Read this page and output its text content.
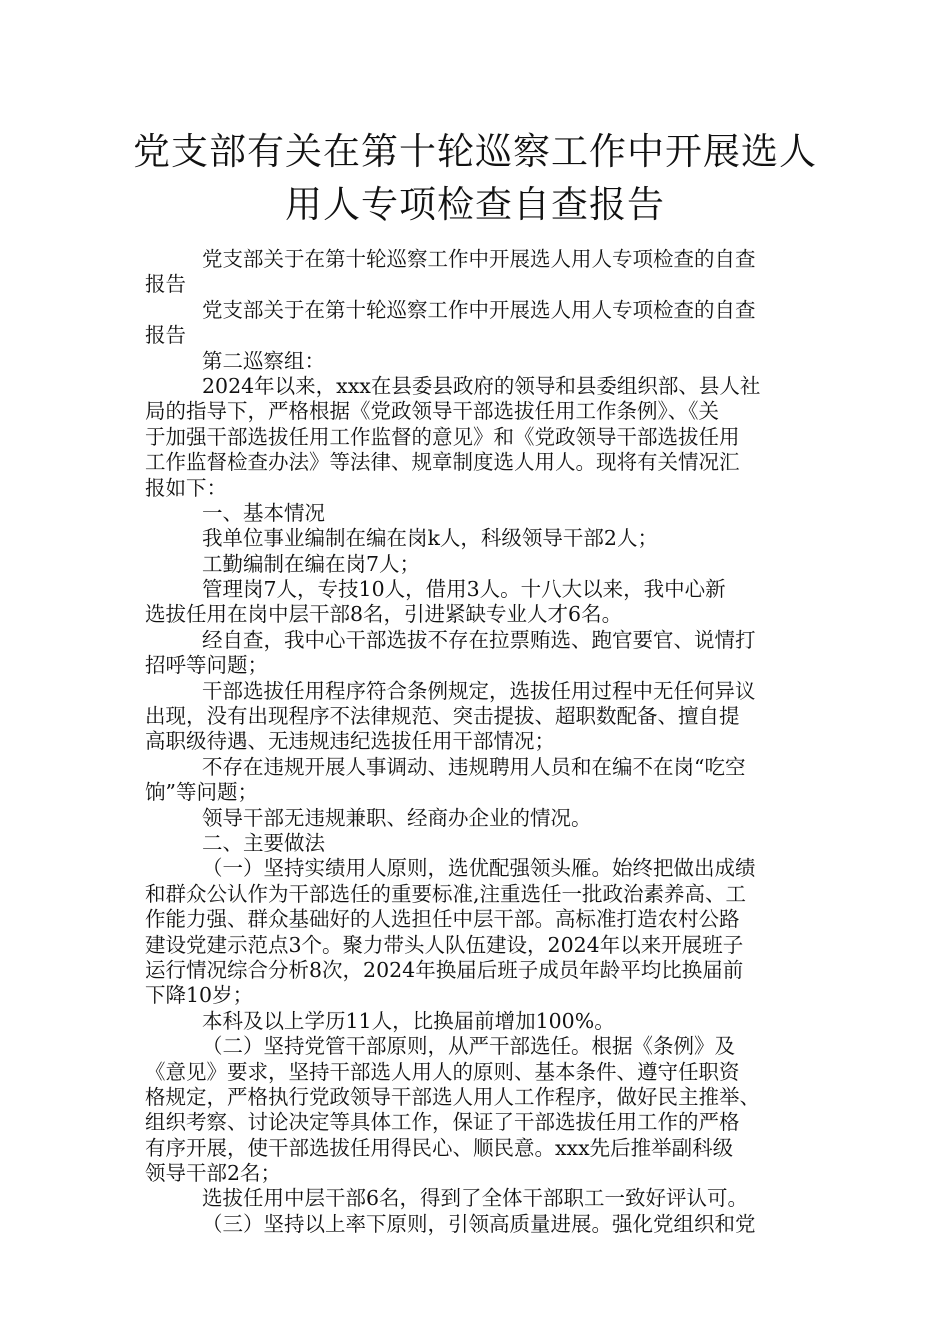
党支部有关在第十轮巡察工作中开展选人
用人专项检查自查报告
党支部关于在第十轮巡察工作中开展选人用人专项检查的自查
报告
党支部关于在第十轮巡察工作中开展选人用人专项检查的自查
报告
第二巡察组：
2024年以来，xxx在县委县政府的领导和县委组织部、县人社
局的指导下，严格根据《党政领导干部选拔任用工作条例》、《关
于加强干部选拔任用工作监督的意见》和《党政领导干部选拔任用
工作监督检查办法》等法律、规章制度选人用人。现将有关情况汇
报如下：
一、基本情况
我单位事业编制在编在岗k人，科级领导干部2人；
工勤编制在编在岗7人；
管理岗7人，专技10人，借用3人。十八大以来，我中心新
选拔任用在岗中层干部8名，引进紧缺专业人才6名。
经自查，我中心干部选拔不存在拉票贿选、跑官要官、说情打
招呼等问题；
干部选拔任用程序符合条例规定，选拔任用过程中无任何异议
出现，没有出现程序不法律规范、突击提拔、超职数配备、擅自提
高职级待遇、无违规违纪选拔任用干部情况；
不存在违规开展人事调动、违规聘用人员和在编不在岗“吃空
饷”等问题；
领导干部无违规兼职、经商办企业的情况。
二、主要做法
（一）坚持实绩用人原则，选优配强领头雁。始终把做出成绩
和群众公认作为干部选任的重要标准,注重选任一批政治素养高、工
作能力强、群众基础好的人选担任中层干部。高标准打造农村公路
建设党建示范点3个。聚力带头人队伍建设，2024年以来开展班子
运行情况综合分析8次，2024年换届后班子成员年龄平均比换届前
下降10岁；
本科及以上学历11人，比换届前增加100%。
（二）坚持党管干部原则，从严干部选任。根据《条例》及
《意见》要求，坚持干部选人用人的原则、基本条件、遵守任职资
格规定，严格执行党政领导干部选人用人工作程序，做好民主推举、
组织考察、讨论决定等具体工作，保证了干部选拔任用工作的严格
有序开展，使干部选拔任用得民心、顺民意。xxx先后推举副科级
领导干部2名；
选拔任用中层干部6名，得到了全体干部职工一致好评认可。
（三）坚持以上率下原则，引领高质量进展。强化党组织和党
